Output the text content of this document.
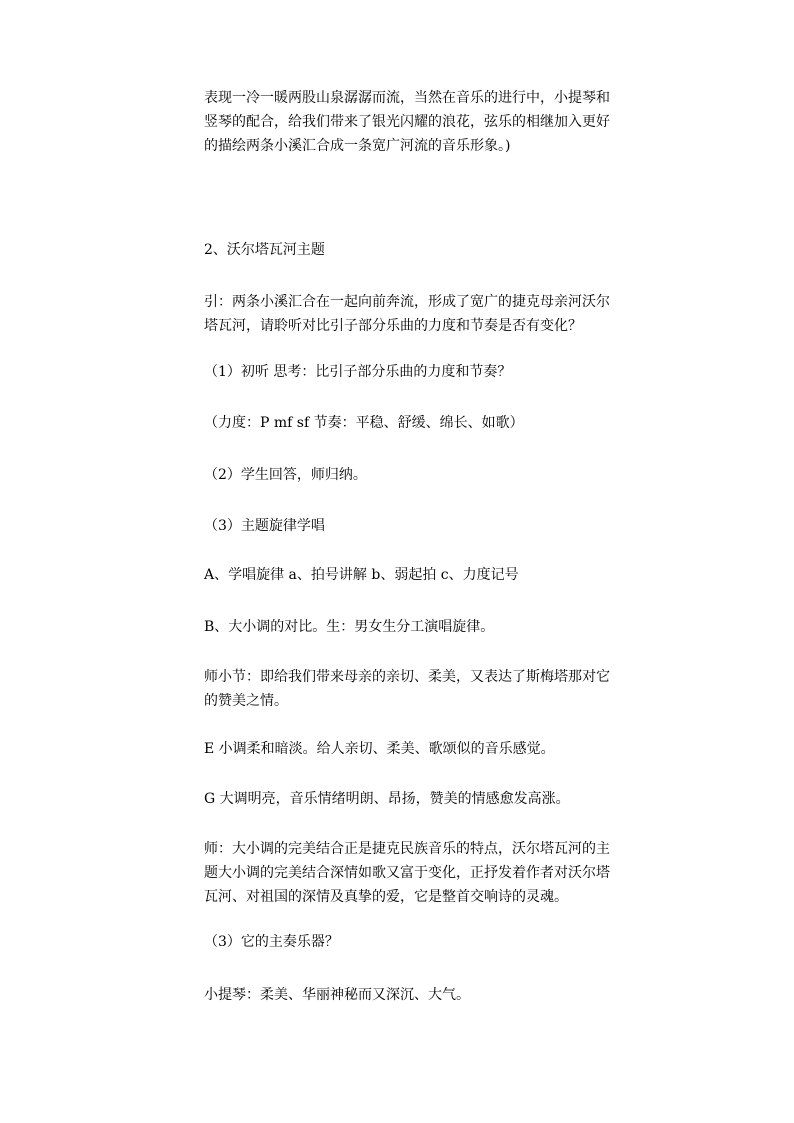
表现一冷一暖两股山泉潺潺而流，当然在音乐的进行中，小提琴和
竖琴的配合，给我们带来了银光闪耀的浪花，弦乐的相继加入更好
的描绘两条小溪汇合成一条宽广河流的音乐形象。)

2、沃尔塔瓦河主题

引：两条小溪汇合在一起向前奔流，形成了宽广的捷克母亲河沃尔
塔瓦河，请聆听对比引子部分乐曲的力度和节奏是否有变化？

（1）初听 思考：比引子部分乐曲的力度和节奏？

（力度：P mf sf 节奏：平稳、舒缓、绵长、如歌）

（2）学生回答，师归纳。

（3）主题旋律学唱

A、学唱旋律 a、拍号讲解 b、弱起拍 c、力度记号

B、大小调的对比。生：男女生分工演唱旋律。

师小节：即给我们带来母亲的亲切、柔美，又表达了斯梅塔那对它
的赞美之情。

E 小调柔和暗淡。给人亲切、柔美、歌颂似的音乐感觉。

G 大调明亮，音乐情绪明朗、昂扬，赞美的情感愈发高涨。

师：大小调的完美结合正是捷克民族音乐的特点，沃尔塔瓦河的主
题大小调的完美结合深情如歌又富于变化，正抒发着作者对沃尔塔
瓦河、对祖国的深情及真挚的爱，它是整首交响诗的灵魂。

（3）它的主奏乐器？

小提琴：柔美、华丽神秘而又深沉、大气。
